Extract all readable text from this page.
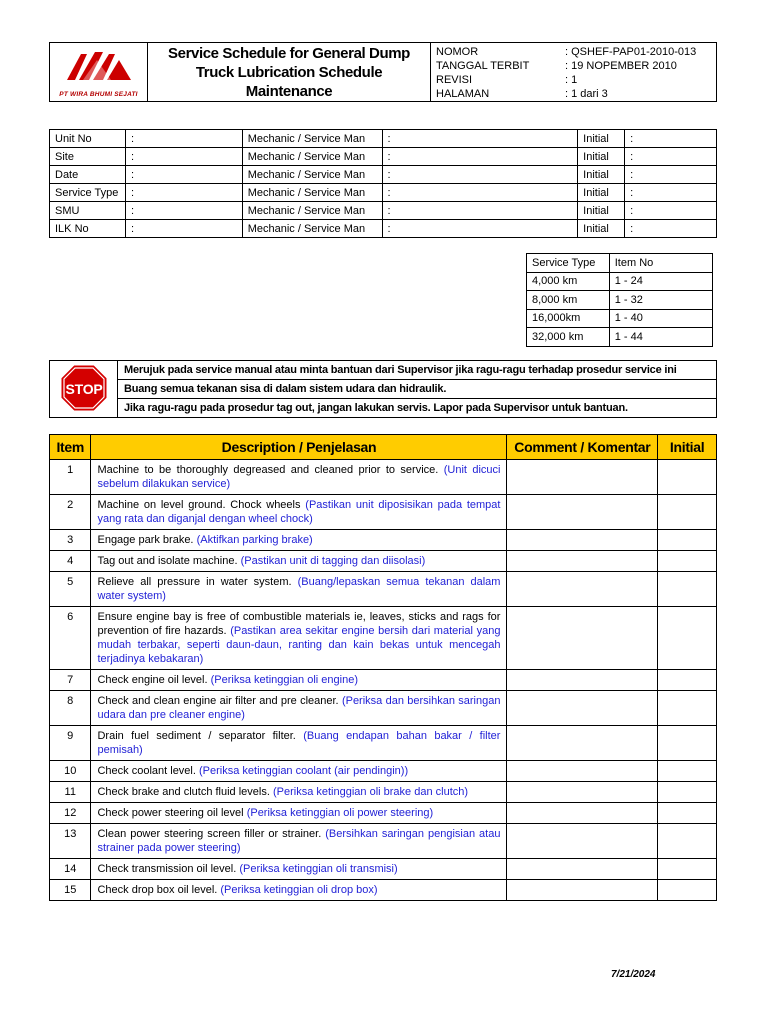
PT WIRA BHUMI SEJATI

Service Schedule for General Dump
Truck Lubrication Schedule
Maintenance

NOMOR	: QSHEF-PAP01-2010-013
TANGGAL TERBIT	: 19 NOPEMBER 2010
REVISI	: 1
HALAMAN	: 1 dari 3
Unit No	:	Mechanic / Service Man	:	Initial	:
Site	:	Mechanic / Service Man	:	Initial	:
Date	:	Mechanic / Service Man	:	Initial	:
Service Type	:	Mechanic / Service Man	:	Initial	:
SMU	:	Mechanic / Service Man	:	Initial	:
ILK No	:	Mechanic / Service Man	:	Initial	:
Service Type	Item No
4,000 km	1 - 24
8,000 km	1 - 32
16,000km	1 - 40
32,000 km	1 - 44
STOP
	Merujuk pada service manual atau minta bantuan dari Supervisor jika ragu-ragu terhadap prosedur service ini
Buang semua tekanan sisa di dalam sistem udara dan hidraulik.
Jika ragu-ragu pada prosedur tag out, jangan lakukan servis. Lapor pada Supervisor untuk bantuan.
Item	Description / Penjelasan	Comment / Komentar	Initial
1	Machine to be thoroughly degreased and cleaned prior to service. (Unit dicuci sebelum dilakukan service)		
2	Machine on level ground. Chock wheels (Pastikan unit diposisikan pada tempat yang rata dan diganjal dengan wheel chock)		
3	Engage park brake. (Aktifkan parking brake)		
4	Tag out and isolate machine. (Pastikan unit di tagging dan diisolasi)		
5	Relieve all pressure in water system. (Buang/lepaskan semua tekanan dalam water system)		
6	Ensure engine bay is free of combustible materials ie, leaves, sticks and rags for prevention of fire hazards. (Pastikan area sekitar engine bersih dari material yang mudah terbakar, seperti daun-daun, ranting dan kain bekas untuk mencegah terjadinya kebakaran)		
7	Check engine oil level. (Periksa ketinggian oli engine)		
8	Check and clean engine air filter and pre cleaner. (Periksa dan bersihkan saringan udara dan pre cleaner engine)		
9	Drain fuel sediment / separator filter. (Buang endapan bahan bakar / filter pemisah)		
10	Check coolant level. (Periksa ketinggian coolant (air pendingin))		
11	Check brake and clutch fluid levels. (Periksa ketinggian oli brake dan clutch)		
12	Check power steering oil level (Periksa ketinggian oli power steering)		
13	Clean power steering screen filler or strainer. (Bersihkan saringan pengisian atau strainer pada power steering)		
14	Check transmission oil level. (Periksa ketinggian oli transmisi)		
15	Check drop box oil level. (Periksa ketinggian oli drop box)		
7/21/2024
